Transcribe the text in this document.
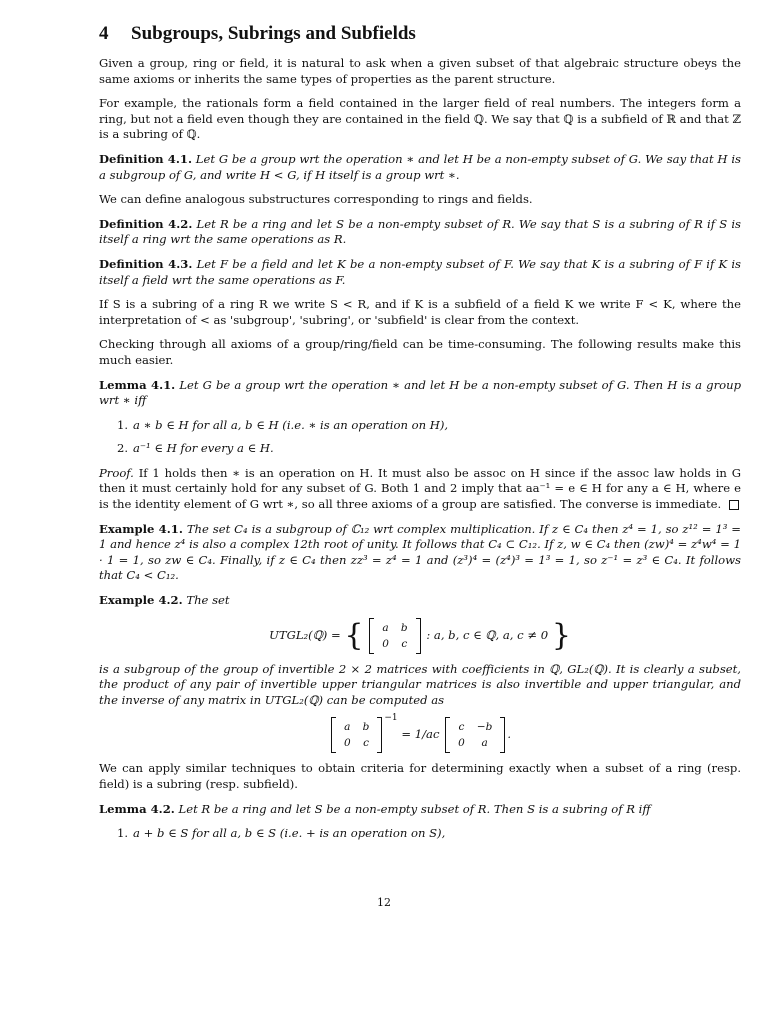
4 Subgroups, Subrings and Subfields

Given a group, ring or field, it is natural to ask when a given subset of that algebraic structure obeys the same axioms or inherits the same types of properties as the parent structure.

For example, the rationals form a field contained in the larger field of real numbers. The integers form a ring, but not a field even though they are contained in the field ℚ. We say that ℚ is a subfield of ℝ and that ℤ is a subring of ℚ.

Definition 4.1. Let G be a group wrt the operation ∗ and let H be a non-empty subset of G. We say that H is a subgroup of G, and write H < G, if H itself is a group wrt ∗.

We can define analogous substructures corresponding to rings and fields.

Definition 4.2. Let R be a ring and let S be a non-empty subset of R. We say that S is a subring of R if S is itself a ring wrt the same operations as R.
Definition 4.3. Let F be a field and let K be a non-empty subset of F. We say that K is a subring of F if K is itself a field wrt the same operations as F.

If S is a subring of a ring R we write S < R, and if K is a subfield of a field K we write F < K, where the interpretation of < as 'subgroup', 'subring', or 'subfield' is clear from the context.

Checking through all axioms of a group/ring/field can be time-consuming. The following results make this much easier.

Lemma 4.1. Let G be a group wrt the operation ∗ and let H be a non-empty subset of G. Then H is a group wrt ∗ iff
1. a ∗ b ∈ H for all a, b ∈ H (i.e. ∗ is an operation on H),
2. a⁻¹ ∈ H for every a ∈ H.

Proof. If 1 holds then ∗ is an operation on H. It must also be assoc on H since if the assoc law holds in G then it must certainly hold for any subset of G. Both 1 and 2 imply that aa⁻¹ = e ∈ H for any a ∈ H, where e is the identity element of G wrt ∗, so all three axioms of a group are satisfied. The converse is immediate.

Example 4.1. The set C₄ is a subgroup of ℂ₁₂ wrt complex multiplication. If z ∈ C₄ then z⁴ = 1, so z¹² = 1³ = 1 and hence z⁴ is also a complex 12th root of unity. It follows that C₄ ⊂ C₁₂. If z, w ∈ C₄ then (zw)⁴ = z⁴w⁴ = 1 · 1 = 1, so zw ∈ C₄. Finally, if z ∈ C₄ then zz³ = z⁴ = 1 and (z³)⁴ = (z⁴)³ = 1³ = 1, so z⁻¹ = z³ ∈ C₄. It follows that C₄ < C₁₂.
Example 4.2. The set
UTGL₂(ℚ) = { a	b
0	c
: a, b, c ∈ ℚ, a, c ≠ 0 }

is a subgroup of the group of invertible 2 × 2 matrices with coefficients in ℚ, GL₂(ℚ). It is clearly a subset, the product of any pair of invertible upper triangular matrices is also invertible and upper triangular, and the inverse of any matrix in UTGL₂(ℚ) can be computed as

a	b
0	c
$^{-1}$ = 1/ac c	−b
0	a
.

We can apply similar techniques to obtain criteria for determining exactly when a subset of a ring (resp. field) is a subring (resp. subfield).

Lemma 4.2. Let R be a ring and let S be a non-empty subset of R. Then S is a subring of R iff
1. a + b ∈ S for all a, b ∈ S (i.e. + is an operation on S),
12
